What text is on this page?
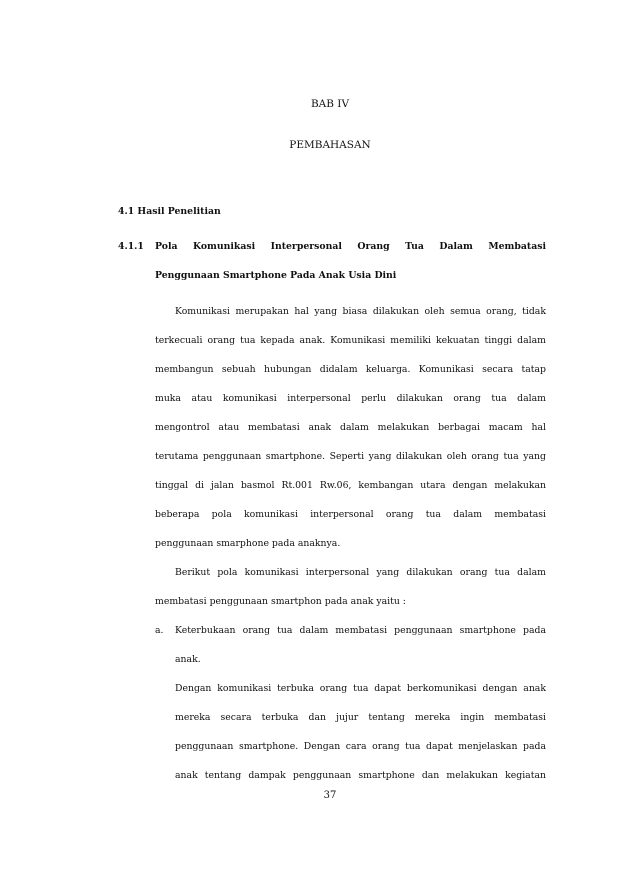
BAB IV
PEMBAHASAN
4.1 Hasil Penelitian
4.1.1 Pola Komunikasi Interpersonal Orang Tua Dalam Membatasi
Penggunaan Smartphone Pada Anak Usia Dini
Komunikasi merupakan hal yang biasa dilakukan oleh semua orang, tidak
terkecuali orang tua kepada anak. Komunikasi memiliki kekuatan tinggi dalam
membangun sebuah hubungan didalam keluarga. Komunikasi secara tatap
muka atau komunikasi interpersonal perlu dilakukan orang tua dalam
mengontrol atau membatasi anak dalam melakukan berbagai macam hal
terutama penggunaan smartphone. Seperti yang dilakukan oleh orang tua yang
tinggal di jalan basmol Rt.001 Rw.06, kembangan utara dengan melakukan
beberapa pola komunikasi interpersonal orang tua dalam membatasi
penggunaan smarphone pada anaknya.
Berikut pola komunikasi interpersonal yang dilakukan orang tua dalam
membatasi penggunaan smartphon pada anak yaitu :
a. Keterbukaan orang tua dalam membatasi penggunaan smartphone pada
anak.
Dengan komunikasi terbuka orang tua dapat berkomunikasi dengan anak
mereka secara terbuka dan jujur tentang mereka ingin membatasi
penggunaan smartphone. Dengan cara orang tua dapat menjelaskan pada
anak tentang dampak penggunaan smartphone dan melakukan kegiatan
37
